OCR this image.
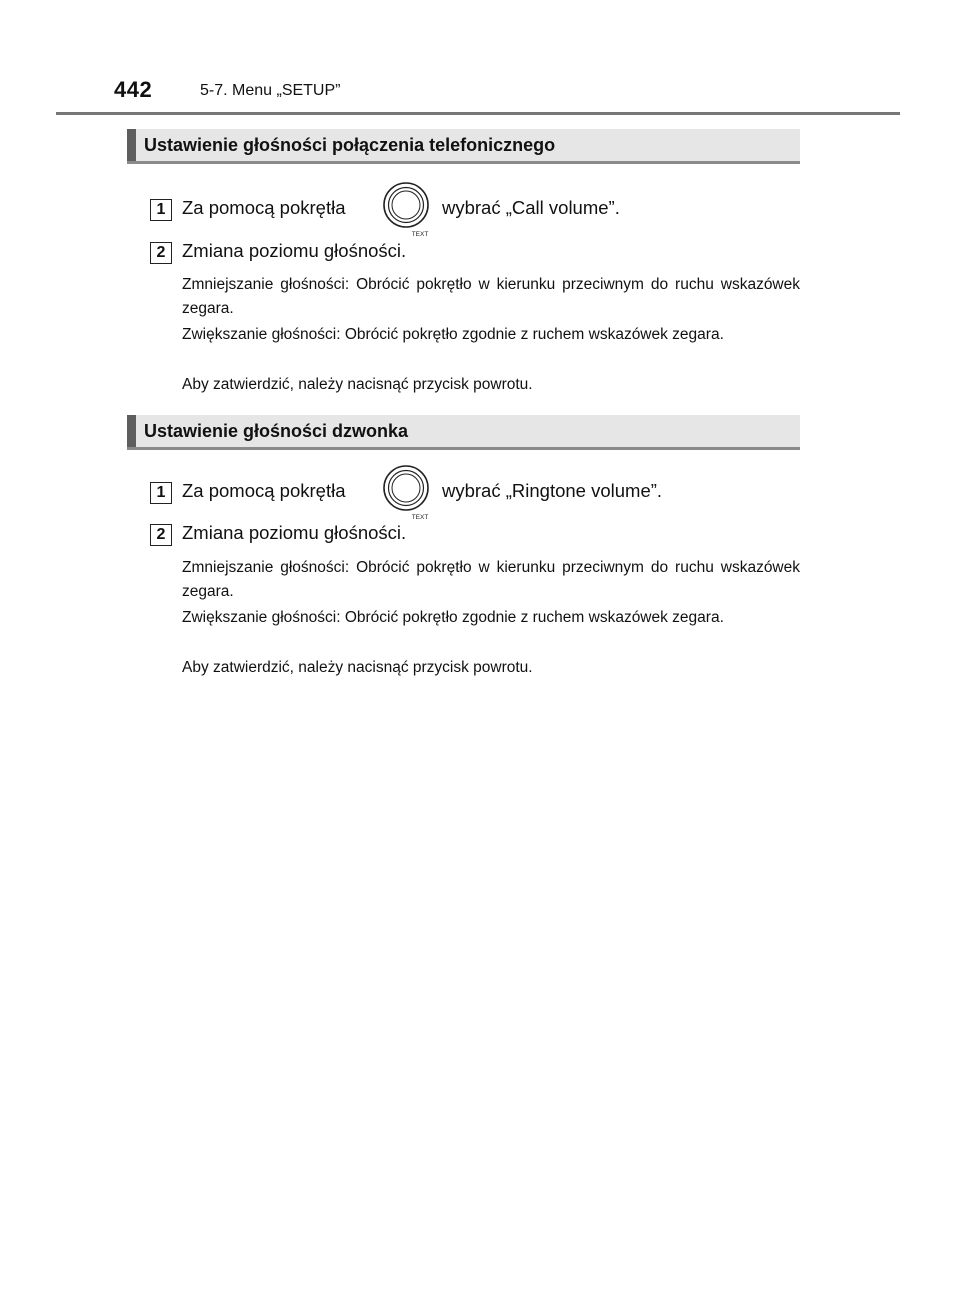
442	5-7. Menu „SETUP”
Ustawienie głośności połączenia telefonicznego
1 Za pomocą pokrętła
TEXT
wybrać „Call volume”.
2 Zmiana poziomu głośności.
Zmniejszanie głośności: Obrócić pokrętło w kierunku przeciwnym do ruchu wskazówek zegara.
Zwiększanie głośności: Obrócić pokrętło zgodnie z ruchem wskazówek zegara.
Aby zatwierdzić, należy nacisnąć przycisk powrotu.
Ustawienie głośności dzwonka
1 Za pomocą pokrętła
TEXT
wybrać „Ringtone volume”.
2 Zmiana poziomu głośności.
Zmniejszanie głośności: Obrócić pokrętło w kierunku przeciwnym do ruchu wskazówek zegara.
Zwiększanie głośności: Obrócić pokrętło zgodnie z ruchem wskazówek zegara.
Aby zatwierdzić, należy nacisnąć przycisk powrotu.
